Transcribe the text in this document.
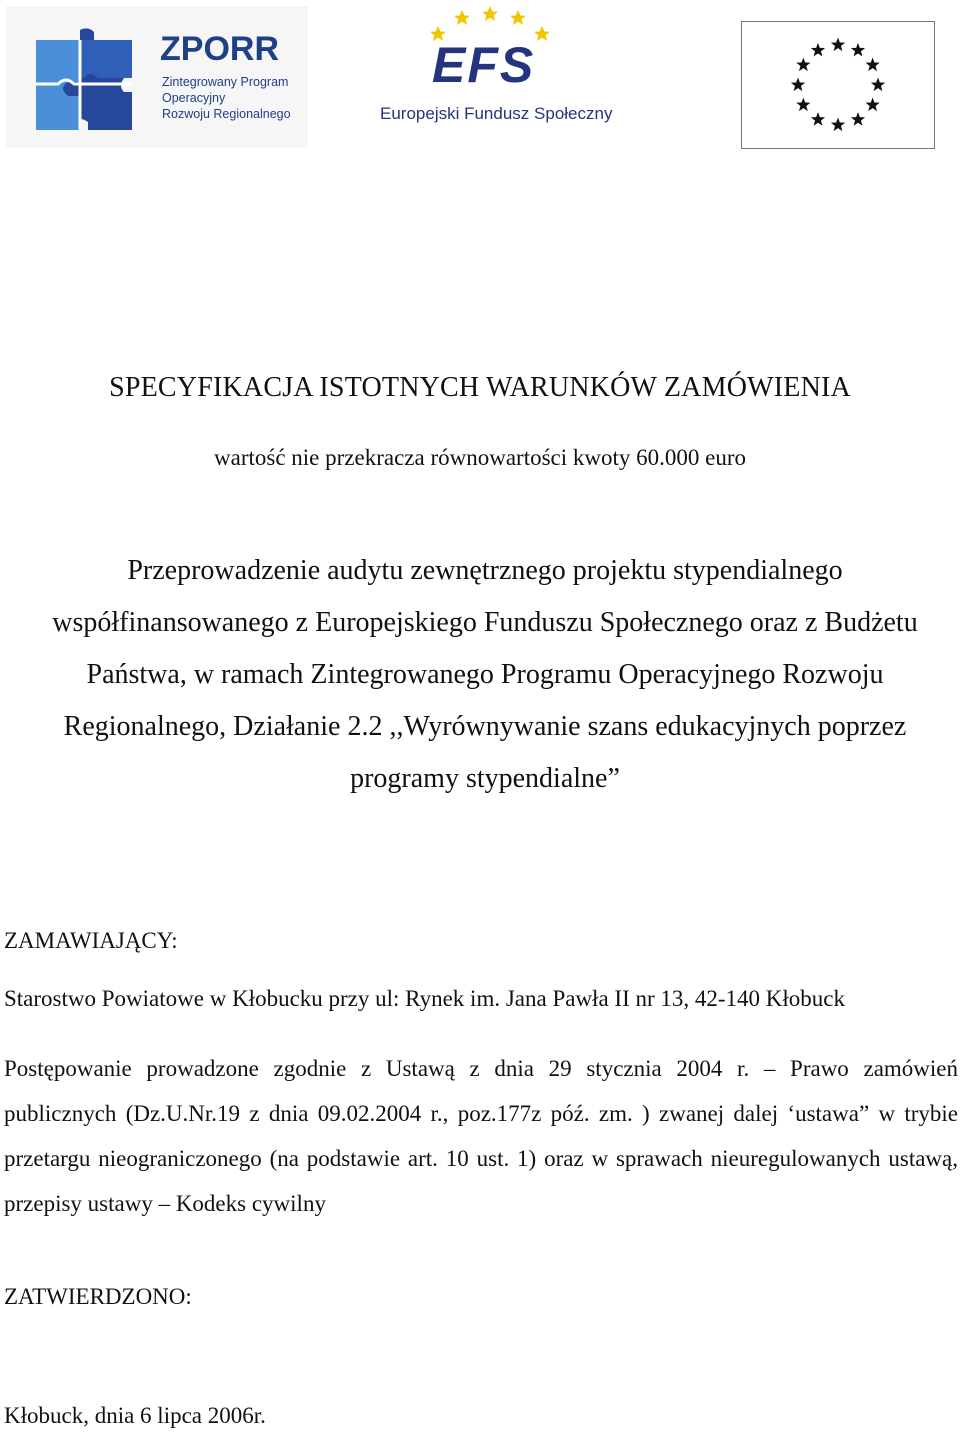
ZPORR
Zintegrowany Program
Operacyjny
Rozwoju Regionalnego
EFS
Europejski Fundusz Społeczny
SPECYFIKACJA ISTOTNYCH WARUNKÓW ZAMÓWIENIA
wartość nie przekracza równowartości kwoty 60.000 euro
Przeprowadzenie audytu zewnętrznego projektu stypendialnego współfinansowanego z Europejskiego Funduszu Społecznego oraz z Budżetu Państwa, w ramach Zintegrowanego Programu Operacyjnego Rozwoju Regionalnego, Działanie 2.2 ,,Wyrównywanie szans edukacyjnych poprzez programy stypendialne”
ZAMAWIAJĄCY:
Starostwo Powiatowe w Kłobucku przy ul: Rynek im. Jana Pawła II nr 13, 42-140 Kłobuck
Postępowanie prowadzone zgodnie z Ustawą z dnia 29 stycznia 2004 r. – Prawo zamówień publicznych (Dz.U.Nr.19 z dnia 09.02.2004 r., poz.177z póź. zm. ) zwanej dalej ‘ustawa” w trybie przetargu nieograniczonego (na podstawie art. 10 ust. 1) oraz w sprawach nieuregulowanych ustawą, przepisy ustawy – Kodeks cywilny
ZATWIERDZONO:
Kłobuck, dnia 6 lipca 2006r.
